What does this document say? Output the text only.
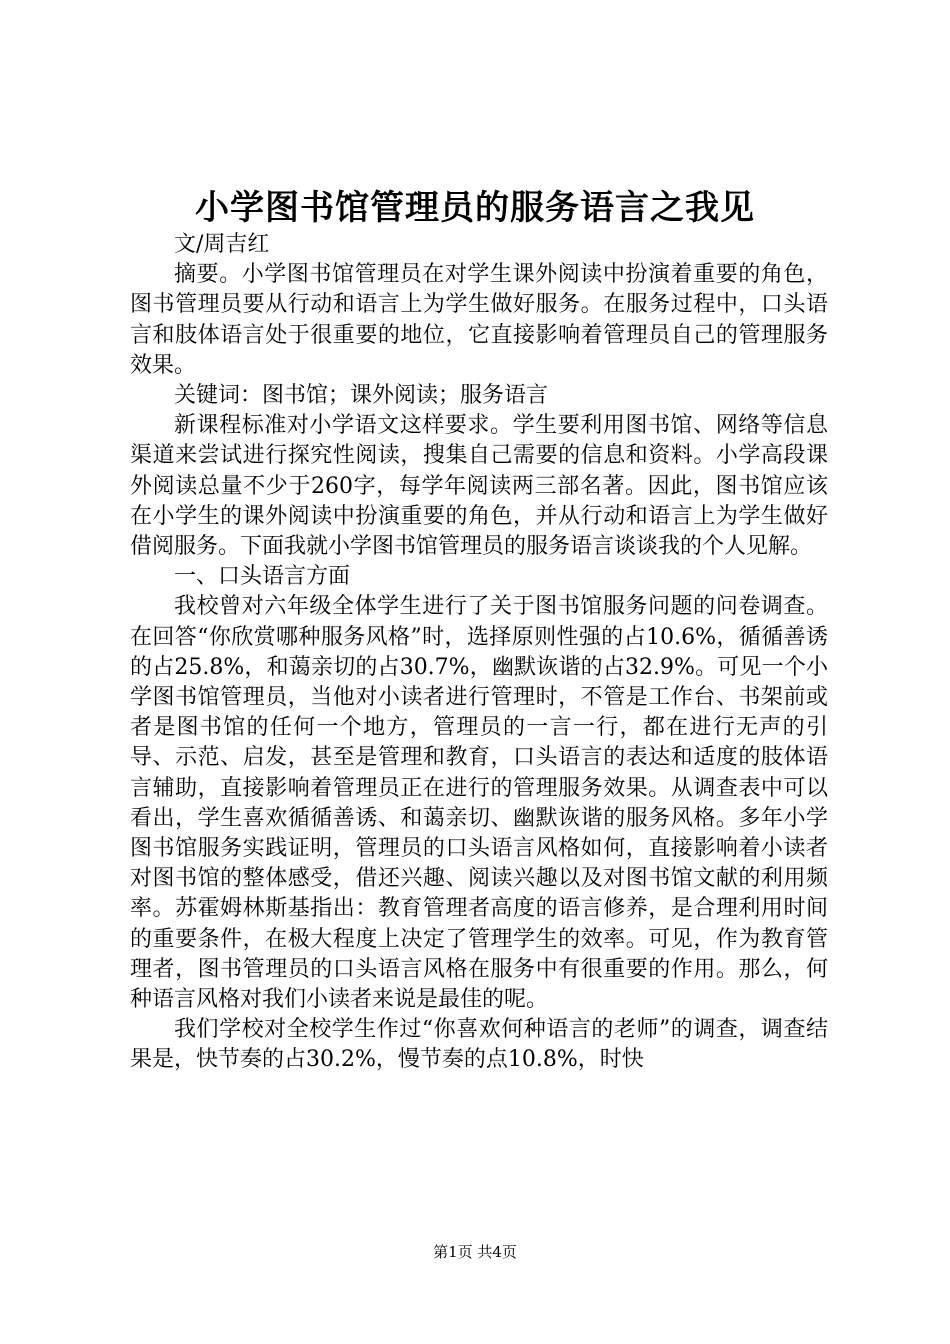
小学图书馆管理员的服务语言之我见

文/周吉红

摘要。小学图书馆管理员在对学生课外阅读中扮演着重要的角色，图书管理员要从行动和语言上为学生做好服务。在服务过程中，口头语言和肢体语言处于很重要的地位，它直接影响着管理员自己的管理服务效果。

关键词：图书馆；课外阅读；服务语言

新课程标准对小学语文这样要求。学生要利用图书馆、网络等信息渠道来尝试进行探究性阅读，搜集自己需要的信息和资料。小学高段课外阅读总量不少于260字，每学年阅读两三部名著。因此，图书馆应该在小学生的课外阅读中扮演重要的角色，并从行动和语言上为学生做好借阅服务。下面我就小学图书馆管理员的服务语言谈谈我的个人见解。

一、口头语言方面

我校曾对六年级全体学生进行了关于图书馆服务问题的问卷调查。在回答“你欣赏哪种服务风格”时，选择原则性强的占10.6%，循循善诱的占25.8%，和蔼亲切的占30.7%，幽默诙谐的占32.9%。可见一个小学图书馆管理员，当他对小读者进行管理时，不管是工作台、书架前或者是图书馆的任何一个地方，管理员的一言一行，都在进行无声的引导、示范、启发，甚至是管理和教育，口头语言的表达和适度的肢体语言辅助，直接影响着管理员正在进行的管理服务效果。从调查表中可以看出，学生喜欢循循善诱、和蔼亲切、幽默诙谐的服务风格。多年小学图书馆服务实践证明，管理员的口头语言风格如何，直接影响着小读者对图书馆的整体感受，借还兴趣、阅读兴趣以及对图书馆文献的利用频率。苏霍姆林斯基指出：教育管理者高度的语言修养，是合理利用时间的重要条件，在极大程度上决定了管理学生的效率。可见，作为教育管理者，图书管理员的口头语言风格在服务中有很重要的作用。那么，何种语言风格对我们小读者来说是最佳的呢。

我们学校对全校学生作过“你喜欢何种语言的老师”的调查，调查结果是，快节奏的占30.2%，慢节奏的点10.8%，时快

第1页 共4页
